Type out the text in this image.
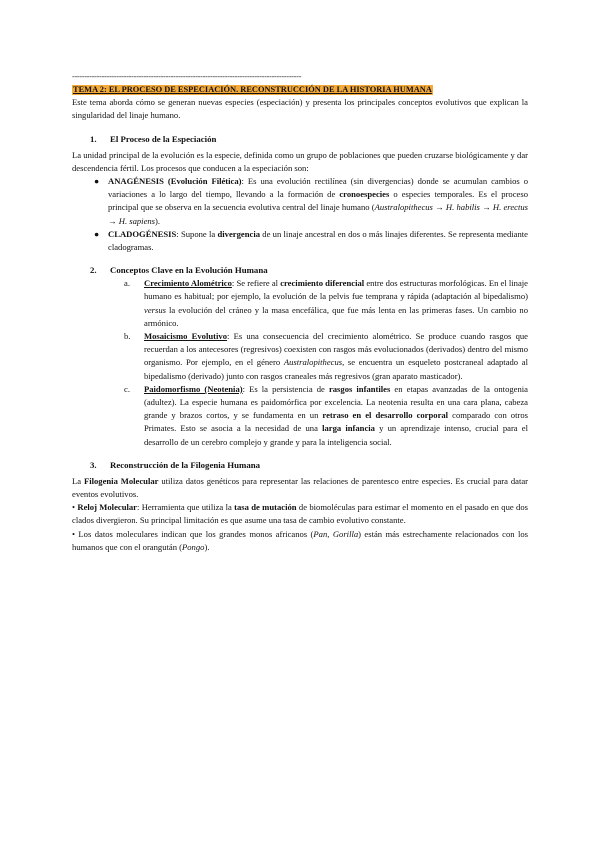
---------------------------------------------------------------------------------------------
TEMA 2: EL PROCESO DE ESPECIACIÓN. RECONSTRUCCIÓN DE LA HISTORIA HUMANA

Este tema aborda cómo se generan nuevas especies (especiación) y presenta los principales conceptos evolutivos que explican la singularidad del linaje humano.

1. El Proceso de la Especiación

La unidad principal de la evolución es la especie, definida como un grupo de poblaciones que pueden cruzarse biológicamente y dar descendencia fértil. Los procesos que conducen a la especiación son:

● ANAGÉNESIS (Evolución Filética): Es una evolución rectilínea (sin divergencias) donde se acumulan cambios o variaciones a lo largo del tiempo, llevando a la formación de cronoespecies o especies temporales. Es el proceso principal que se observa en la secuencia evolutiva central del linaje humano (Australopithecus → H. habilis → H. erectus → H. sapiens).
● CLADOGÉNESIS: Supone la divergencia de un linaje ancestral en dos o más linajes diferentes. Se representa mediante cladogramas.
2. Conceptos Clave en la Evolución Humana
a. Crecimiento Alométrico: Se refiere al crecimiento diferencial entre dos estructuras morfológicas. En el linaje humano es habitual; por ejemplo, la evolución de la pelvis fue temprana y rápida (adaptación al bipedalismo) versus la evolución del cráneo y la masa encefálica, que fue más lenta en las primeras fases. Un cambio no armónico.
b. Mosaicismo Evolutivo: Es una consecuencia del crecimiento alométrico. Se produce cuando rasgos que recuerdan a los antecesores (regresivos) coexisten con rasgos más evolucionados (derivados) dentro del mismo organismo. Por ejemplo, en el género Australopithecus, se encuentra un esqueleto postcraneal adaptado al bipedalismo (derivado) junto con rasgos craneales más regresivos (gran aparato masticador).
c. Paidomorfismo (Neotenia): Es la persistencia de rasgos infantiles en etapas avanzadas de la ontogenia (adultez). La especie humana es paidomórfica por excelencia. La neotenia resulta en una cara plana, cabeza grande y brazos cortos, y se fundamenta en un retraso en el desarrollo corporal comparado con otros Primates. Esto se asocia a la necesidad de una larga infancia y un aprendizaje intenso, crucial para el desarrollo de un cerebro complejo y grande y para la inteligencia social.
3. Reconstrucción de la Filogenia Humana

La Filogenia Molecular utiliza datos genéticos para representar las relaciones de parentesco entre especies. Es crucial para datar eventos evolutivos.

• Reloj Molecular: Herramienta que utiliza la tasa de mutación de biomoléculas para estimar el momento en el pasado en que dos clados divergieron. Su principal limitación es que asume una tasa de cambio evolutivo constante.

• Los datos moleculares indican que los grandes monos africanos (Pan, Gorilla) están más estrechamente relacionados con los humanos que con el orangután (Pongo).
